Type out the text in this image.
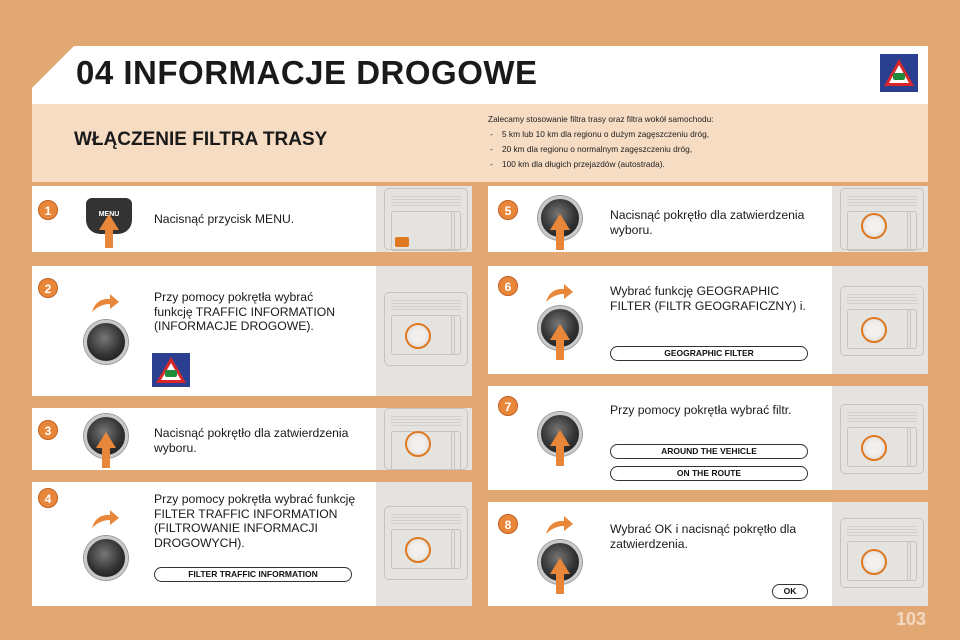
04 INFORMACJE DROGOWE
WŁĄCZENIE FILTRA TRASY
Zalecamy stosowanie filtra trasy oraz filtra wokół samochodu:
- 5 km lub 10 km dla regionu o dużym zagęszczeniu dróg,
- 20 km dla regionu o normalnym zagęszczeniu dróg,
- 100 km dla długich przejazdów (autostrada).
1	MENU	Nacisnąć przycisk MENU.
2
Przy pomocy pokrętła wybrać funkcję TRAFFIC INFORMATION (INFORMACJE DROGOWE).
3	Nacisnąć pokrętło dla zatwierdzenia wyboru.
4	Przy pomocy pokrętła wybrać funkcję FILTER TRAFFIC INFORMATION (FILTROWANIE INFORMACJI DROGOWYCH).
FILTER TRAFFIC INFORMATION
5	Nacisnąć pokrętło dla zatwierdzenia wyboru.
6	Wybrać funkcję GEOGRAPHIC FILTER (FILTR GEOGRAFICZNY) i.
GEOGRAPHIC FILTER
7	Przy pomocy pokrętła wybrać filtr.
AROUND THE VEHICLE
ON THE ROUTE
8	Wybrać OK i nacisnąć pokrętło dla zatwierdzenia.
OK
103
